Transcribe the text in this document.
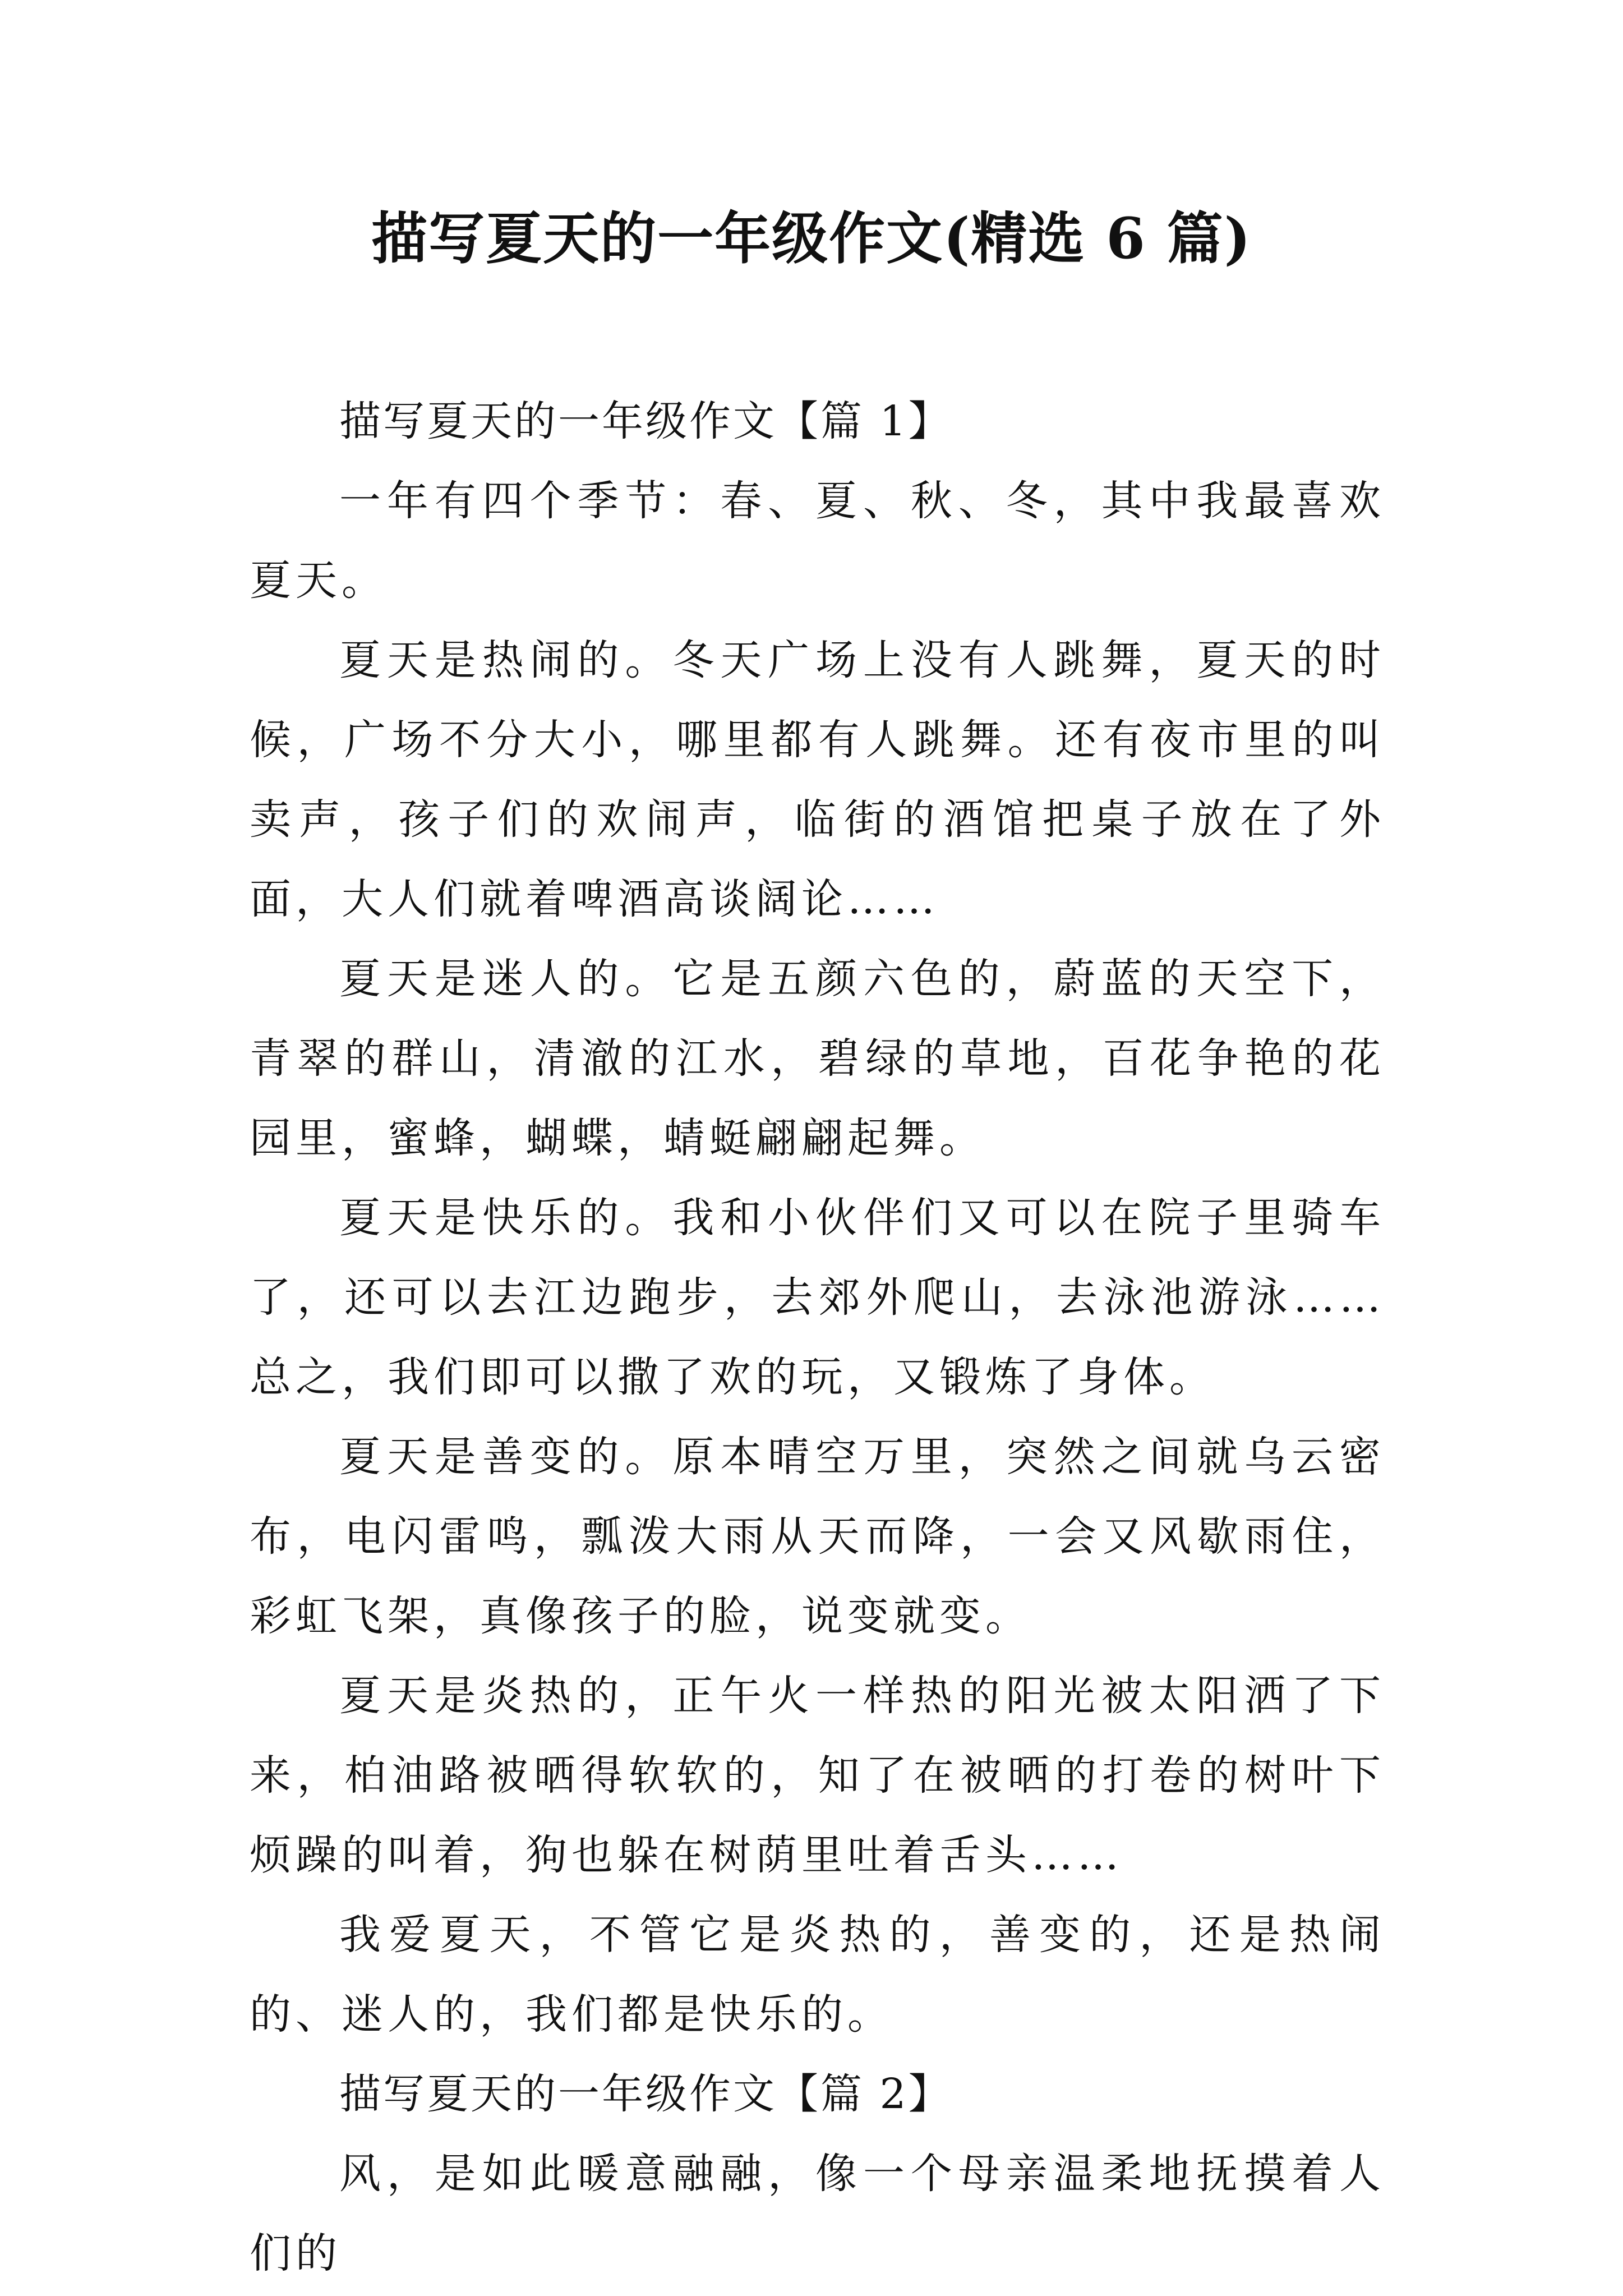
描写夏天的一年级作文(精选 6 篇)

描写夏天的一年级作文【篇 1】

一年有四个季节：春、夏、秋、冬，其中我最喜欢夏天。

夏天是热闹的。冬天广场上没有人跳舞，夏天的时候，广场不分大小，哪里都有人跳舞。还有夜市里的叫卖声，孩子们的欢闹声，临街的酒馆把桌子放在了外面，大人们就着啤酒高谈阔论……

夏天是迷人的。它是五颜六色的，蔚蓝的天空下，青翠的群山，清澈的江水，碧绿的草地，百花争艳的花园里，蜜蜂，蝴蝶，蜻蜓翩翩起舞。

夏天是快乐的。我和小伙伴们又可以在院子里骑车了，还可以去江边跑步，去郊外爬山，去泳池游泳……总之，我们即可以撒了欢的玩，又锻炼了身体。

夏天是善变的。原本晴空万里，突然之间就乌云密布，电闪雷鸣，瓢泼大雨从天而降，一会又风歇雨住，彩虹飞架，真像孩子的脸，说变就变。

夏天是炎热的，正午火一样热的阳光被太阳洒了下来，柏油路被晒得软软的，知了在被晒的打卷的树叶下烦躁的叫着，狗也躲在树荫里吐着舌头……

我爱夏天，不管它是炎热的，善变的，还是热闹的、迷人的，我们都是快乐的。

描写夏天的一年级作文【篇 2】

风，是如此暖意融融，像一个母亲温柔地抚摸着人们的
